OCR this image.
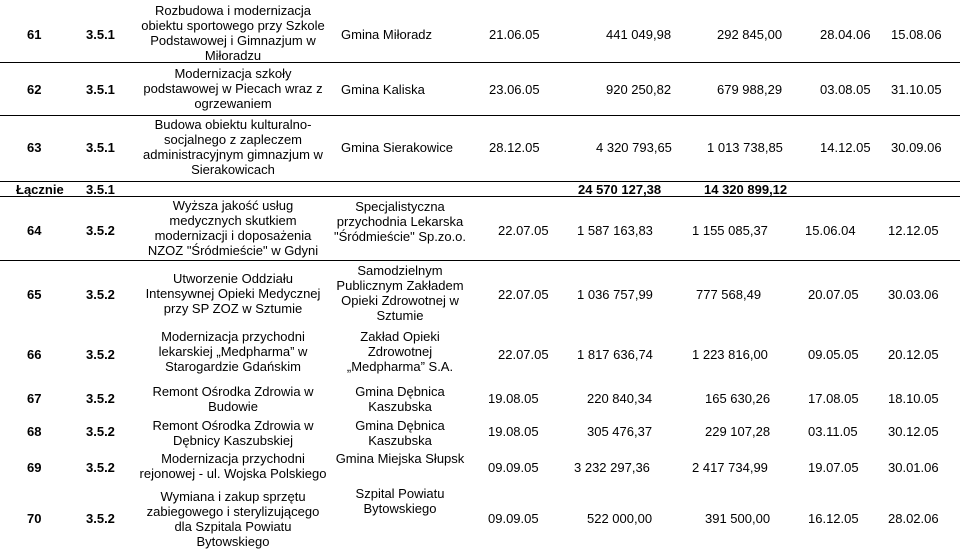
61	3.5.1
Rozbudowa i modernizacja
obiektu sportowego przy Szkole
Podstawowej i Gimnazjum w
Miłoradzu
Gmina Miłoradz	21.06.05	441 049,98	292 845,00	28.04.06 15.08.06
62	3.5.1
Modernizacja szkoły
podstawowej w Piecach wraz z
ogrzewaniem
Gmina Kaliska	23.06.05	920 250,82	679 988,29	03.08.05 31.10.05
63	3.5.1
Budowa obiektu kulturalno-
socjalnego z zapleczem
administracyjnym gimnazjum w
Sierakowicach
Gmina Sierakowice	28.12.05	4 320 793,65	1 013 738,85	14.12.05 30.09.06
Łącznie 3.5.1	24 570 127,38	14 320 899,12
64	3.5.2
Wyższa jakość usług
medycznych skutkiem
modernizacji i doposażenia
NZOZ "Śródmieście" w Gdyni
Specjalistyczna
przychodnia Lekarska
"Śródmieście" Sp.zo.o.	22.07.05 1 587 163,83	1 155 085,37	15.06.04 12.12.05
65	3.5.2
Utworzenie Oddziału
Intensywnej Opieki Medycznej
przy SP ZOZ w Sztumie
Samodzielnym
Publicznym Zakładem
Opieki Zdrowotnej w
Sztumie
22.07.05 1 036 757,99	777 568,49	20.07.05 30.03.06
66	3.5.2
Modernizacja przychodni
lekarskiej „Medpharma” w
Starogardzie Gdańskim
Zakład Opieki
Zdrowotnej
„Medpharma” S.A.
22.07.05 1 817 636,74	1 223 816,00	09.05.05 20.12.05
67	3.5.2	Remont Ośrodka Zdrowia w
Budowie
Gmina Dębnica
Kaszubska
19.08.05	220 840,34	165 630,26	17.08.05 18.10.05
68	3.5.2	Remont Ośrodka Zdrowia w
Dębnicy Kaszubskiej
Gmina Dębnica
Kaszubska
19.08.05	305 476,37	229 107,28	03.11.05 30.12.05
69	3.5.2
Modernizacja przychodni
rejonowej - ul. Wojska Polskiego
Gmina Miejska Słupsk
09.09.05	3 232 297,36	2 417 734,99	19.07.05 30.01.06
70	3.5.2
Wymiana i zakup sprzętu
zabiegowego i sterylizującego
dla Szpitala Powiatu
Bytowskiego
Szpital Powiatu
Bytowskiego
09.09.05	522 000,00	391 500,00	16.12.05 28.02.06
